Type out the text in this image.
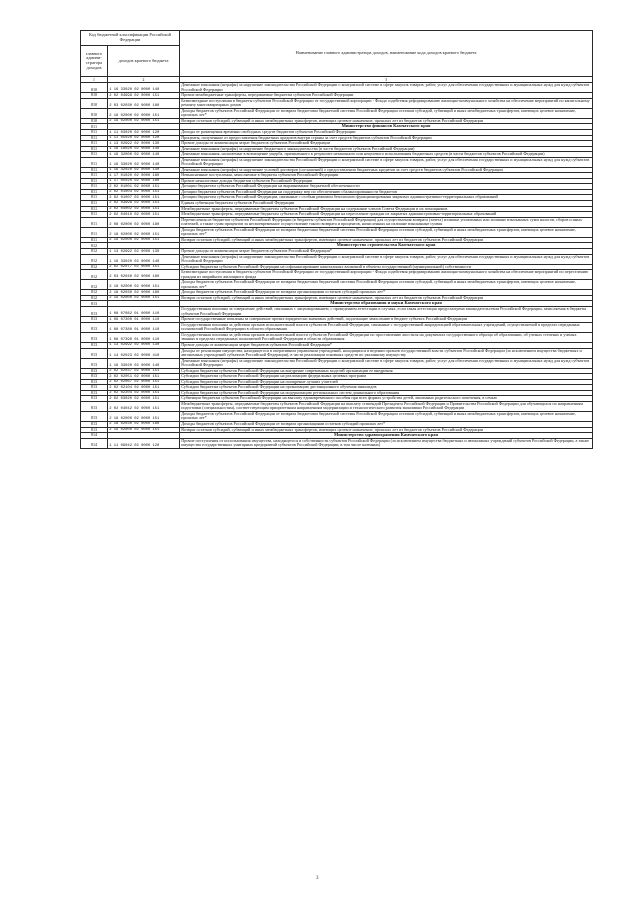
Код бюджетной классификации Российской Федерации		Наименование главного администратора доходов, наименование кода доходов краевого бюджета
главного админи-стратора доходов	доходов краевого бюджета	
1	2	3
810	1 16 33020 02 0000 140	Денежные взыскания (штрафы) за нарушение законодательства Российской Федерации о контрактной системе в сфере закупок товаров, работ, услуг для обеспечения государственных и муниципальных нужд для нужд субъектов Российской Федерации
810	2 02 04999 02 0000 151	Прочие межбюджетные трансферты, передаваемые бюджетам субъектов Российской Федерации
810	2 03 02030 02 0000 180	Безвозмездные поступления в бюджеты субъектов Российской Федерации от государственной корпорации - Фонда содействия реформированию жилищно-коммунального хозяйства на обеспечение мероприятий по капитальному ремонту многоквартирных домов
810	2 18 02000 02 0000 151	Доходы бюджетов субъектов Российской Федерации от возврата бюджетами бюджетной системы Российской Федерации остатков субсидий, субвенций и иных межбюджетных трансфертов, имеющих целевое назначение, прошлых лет*
810	2 19 02000 02 0000 151	Возврат остатков субсидий, субвенций и иных межбюджетных трансфертов, имеющих целевое назначение, прошлых лет из бюджетов субъектов Российской Федерации
811		Министерство финансов Камчатского края
811	1 11 03020 02 0000 120	Доходы от размещения временно свободных средств бюджетов субъектов Российской Федерации
811	1 11 05020 02 0000 120	Проценты, полученные от предоставления бюджетных кредитов внутри страны за счет средств бюджетов субъектов Российской Федерации
811	1 13 02992 02 0000 130	Прочие доходы от компенсации затрат бюджетов субъектов Российской Федерации
811	1 16 18020 02 0000 140	Денежные взыскания (штрафы) за нарушение бюджетного законодательства (в части бюджетов субъектов Российской Федерации)
811	1 16 32000 02 0000 140	Денежные взыскания, налагаемые в возмещение ущерба, причиненного в результате незаконного или нецелевого использования бюджетных средств (в части бюджетов субъектов Российской Федерации)
811	1 16 33020 02 0000 140	Денежные взыскания (штрафы) за нарушение законодательства Российской Федерации о контрактной системе в сфере закупок товаров, работ, услуг для обеспечения государственных и муниципальных нужд для нужд субъектов Российской Федерации
811	1 16 42020 02 0000 140	Денежные взыскания (штрафы) за нарушение условий договоров (соглашений) о предоставлении бюджетных кредитов за счет средств бюджетов субъектов Российской Федерации
811	1 17 01020 02 0000 180	Невыясненные поступления, зачисляемые в бюджеты субъектов Российской Федерации
811	1 17 05020 02 0000 180	Прочие неналоговые доходы бюджетов субъектов Российской Федерации
811	2 02 01001 02 0000 151	Дотации бюджетам субъектов Российской Федерации на выравнивание бюджетной обеспеченности
811	2 02 01003 02 0000 151	Дотации бюджетам субъектов Российской Федерации на поддержку мер по обеспечению сбалансированности бюджетов
811	2 02 01007 02 0000 151	Дотации бюджетам субъектов Российской Федерации, связанные с особым режимом безопасного функционирования закрытых административно-территориальных образований
811	2 02 03998 02 0000 151	Единая субвенция бюджетам субъектов Российской Федерации
811	2 02 04002 02 0000 151	Межбюджетные трансферты, передаваемые бюджетам субъектов Российской Федерации на содержание членов Совета Федерации и их помощников
811	2 02 04010 02 0000 151	Межбюджетные трансферты, передаваемые бюджетам субъектов Российской Федерации на переселение граждан из закрытых административно-территориальных образований
811	2 08 02000 02 0000 180	Перечисления из бюджетов субъектов Российской Федерации (в бюджеты субъектов Российской Федерации) для осуществления возврата (зачета) излишне уплаченных или излишне взысканных сумм налогов, сборов и иных платежей, а также сумм процентов за несвоевременное осуществление такого возврата и процентов, начисленных на излишне взысканные суммы
811	2 18 02000 02 0000 151	Доходы бюджетов субъектов Российской Федерации от возврата бюджетами бюджетной системы Российской Федерации остатков субсидий, субвенций и иных межбюджетных трансфертов, имеющих целевое назначение, прошлых лет*
811	2 19 02000 02 0000 151	Возврат остатков субсидий, субвенций и иных межбюджетных трансфертов, имеющих целевое назначение, прошлых лет из бюджетов субъектов Российской Федерации
812		Министерство строительства Камчатского края
812	1 13 02992 02 0000 130	Прочие доходы от компенсации затрат бюджетов субъектов Российской Федерации*
812	1 16 33020 02 0000 140	Денежные взыскания (штрафы) за нарушение законодательства Российской Федерации о контрактной системе в сфере закупок товаров, работ, услуг для обеспечения государственных и муниципальных нужд для нужд субъектов Российской Федерации
812	2 02 02077 02 0000 151	Субсидии бюджетам субъектов Российской Федерации на софинансирование капитальных вложений в объекты государственной (муниципальной) собственности
812	2 03 02040 02 0000 180	Безвозмездные поступления в бюджеты субъектов Российской Федерации от государственной корпорации - Фонда содействия реформированию жилищно-коммунального хозяйства на обеспечение мероприятий по переселению граждан из аварийного жилищного фонда
812	2 18 02000 02 0000 151	Доходы бюджетов субъектов Российской Федерации от возврата бюджетами бюджетной системы Российской Федерации остатков субсидий, субвенций и иных межбюджетных трансфертов, имеющих целевое назначение, прошлых лет*
812	2 18 02030 02 0000 180	Доходы бюджетов субъектов Российской Федерации от возврата организациями остатков субсидий прошлых лет*
812	2 19 02000 02 0000 151	Возврат остатков субсидий, субвенций и иных межбюджетных трансфертов, имеющих целевое назначение, прошлых лет из бюджетов субъектов Российской Федерации
813		Министерство образования и науки Камчатского края
813	1 08 07082 01 0000 110	Государственная пошлина за совершение действий, связанных с лицензированием, с проведением аттестации в случаях, если такая аттестация предусмотрена законодательством Российской Федерации, зачисляемая в бюджеты субъектов Российской Федерации
813	1 08 07300 01 0000 110	Прочие государственные пошлины за совершение прочих юридически значимых действий, подлежащие зачислению в бюджет субъекта Российской Федерации
813	1 08 07380 01 0000 110	Государственная пошлина за действия органов исполнительной власти субъектов Российской Федерации, связанные с государственной аккредитацией образовательных учреждений, осуществляемой в пределах переданных полномочий Российской Федерации в области образования
813	1 08 07390 01 0000 110	Государственная пошлина за действия органов исполнительной власти субъектов Российской Федерации по проставлению апостиля на документах государственного образца об образовании, об ученых степенях и ученых званиях в пределах переданных полномочий Российской Федерации в области образования
813	1 13 02992 02 0000 130	Прочие доходы от компенсации затрат бюджетов субъектов Российской Федерации*
813	1 14 02023 02 0000 410	Доходы от реализации имущества, находящегося в оперативном управлении учреждений, находящихся в ведении органов государственной власти субъектов Российской Федерации (за исключением имущества бюджетных и автономных учреждений субъектов Российской Федерации), в части реализации основных средств по указанному имуществу
813	1 16 33020 02 0000 140	Денежные взыскания (штрафы) за нарушение законодательства Российской Федерации о контрактной системе в сфере закупок товаров, работ, услуг для обеспечения государственных и муниципальных нужд для нужд субъектов Российской Федерации
813	2 02 02037 02 0000 151	Субсидии бюджетам субъектов Российской Федерации на внедрение современных моделей организации ее внедрения
813	2 02 02051 02 0000 151	Субсидии бюджетам субъектов Российской Федерации на реализацию федеральных целевых программ
813	2 02 02067 02 0000 151	Субсидии бюджетам субъектов Российской Федерации на поощрение лучших учителей
813	2 02 02104 02 0000 151	Субсидии бюджетам субъектов Российской Федерации на организацию дистанционного обучения инвалидов
813	2 02 02204 02 0000 151	Субсидии бюджетам субъектов Российской Федерации на модернизацию региональных систем дошкольного образования
813	2 02 03020 02 0000 151	Субвенции бюджетам субъектов Российской Федерации на выплату единовременного пособия при всех формах устройства детей, лишенных родительского попечения, в семью
813	2 02 04042 02 0000 151	Межбюджетные трансферты, передаваемые бюджетам субъектов Российской Федерации на выплату стипендий Президента Российской Федерации и Правительства Российской Федерации для обучающихся по направлениям подготовки (специальностям), соответствующим приоритетным направлениям модернизации и технологического развития экономики Российской Федерации
813	2 18 02000 02 0000 151	Доходы бюджетов субъектов Российской Федерации от возврата бюджетами бюджетной системы Российской Федерации остатков субсидий, субвенций и иных межбюджетных трансфертов, имеющих целевое назначение, прошлых лет*
813	2 18 02030 02 0000 180	Доходы бюджетов субъектов Российской Федерации от возврата организациями остатков субсидий прошлых лет*
813	2 19 02000 02 0000 151	Возврат остатков субсидий, субвенций и иных межбюджетных трансфертов, имеющих целевое назначение, прошлых лет из бюджетов субъектов Российской Федерации
814		Министерство здравоохранения Камчатского края
814	1 11 09042 02 0000 120	Прочие поступления от использования имущества, находящегося в собственности субъектов Российской Федерации (за исключением имущества бюджетных и автономных учреждений субъектов Российской Федерации, а также имущества государственных унитарных предприятий субъектов Российской Федерации, в том числе казенных)
3
